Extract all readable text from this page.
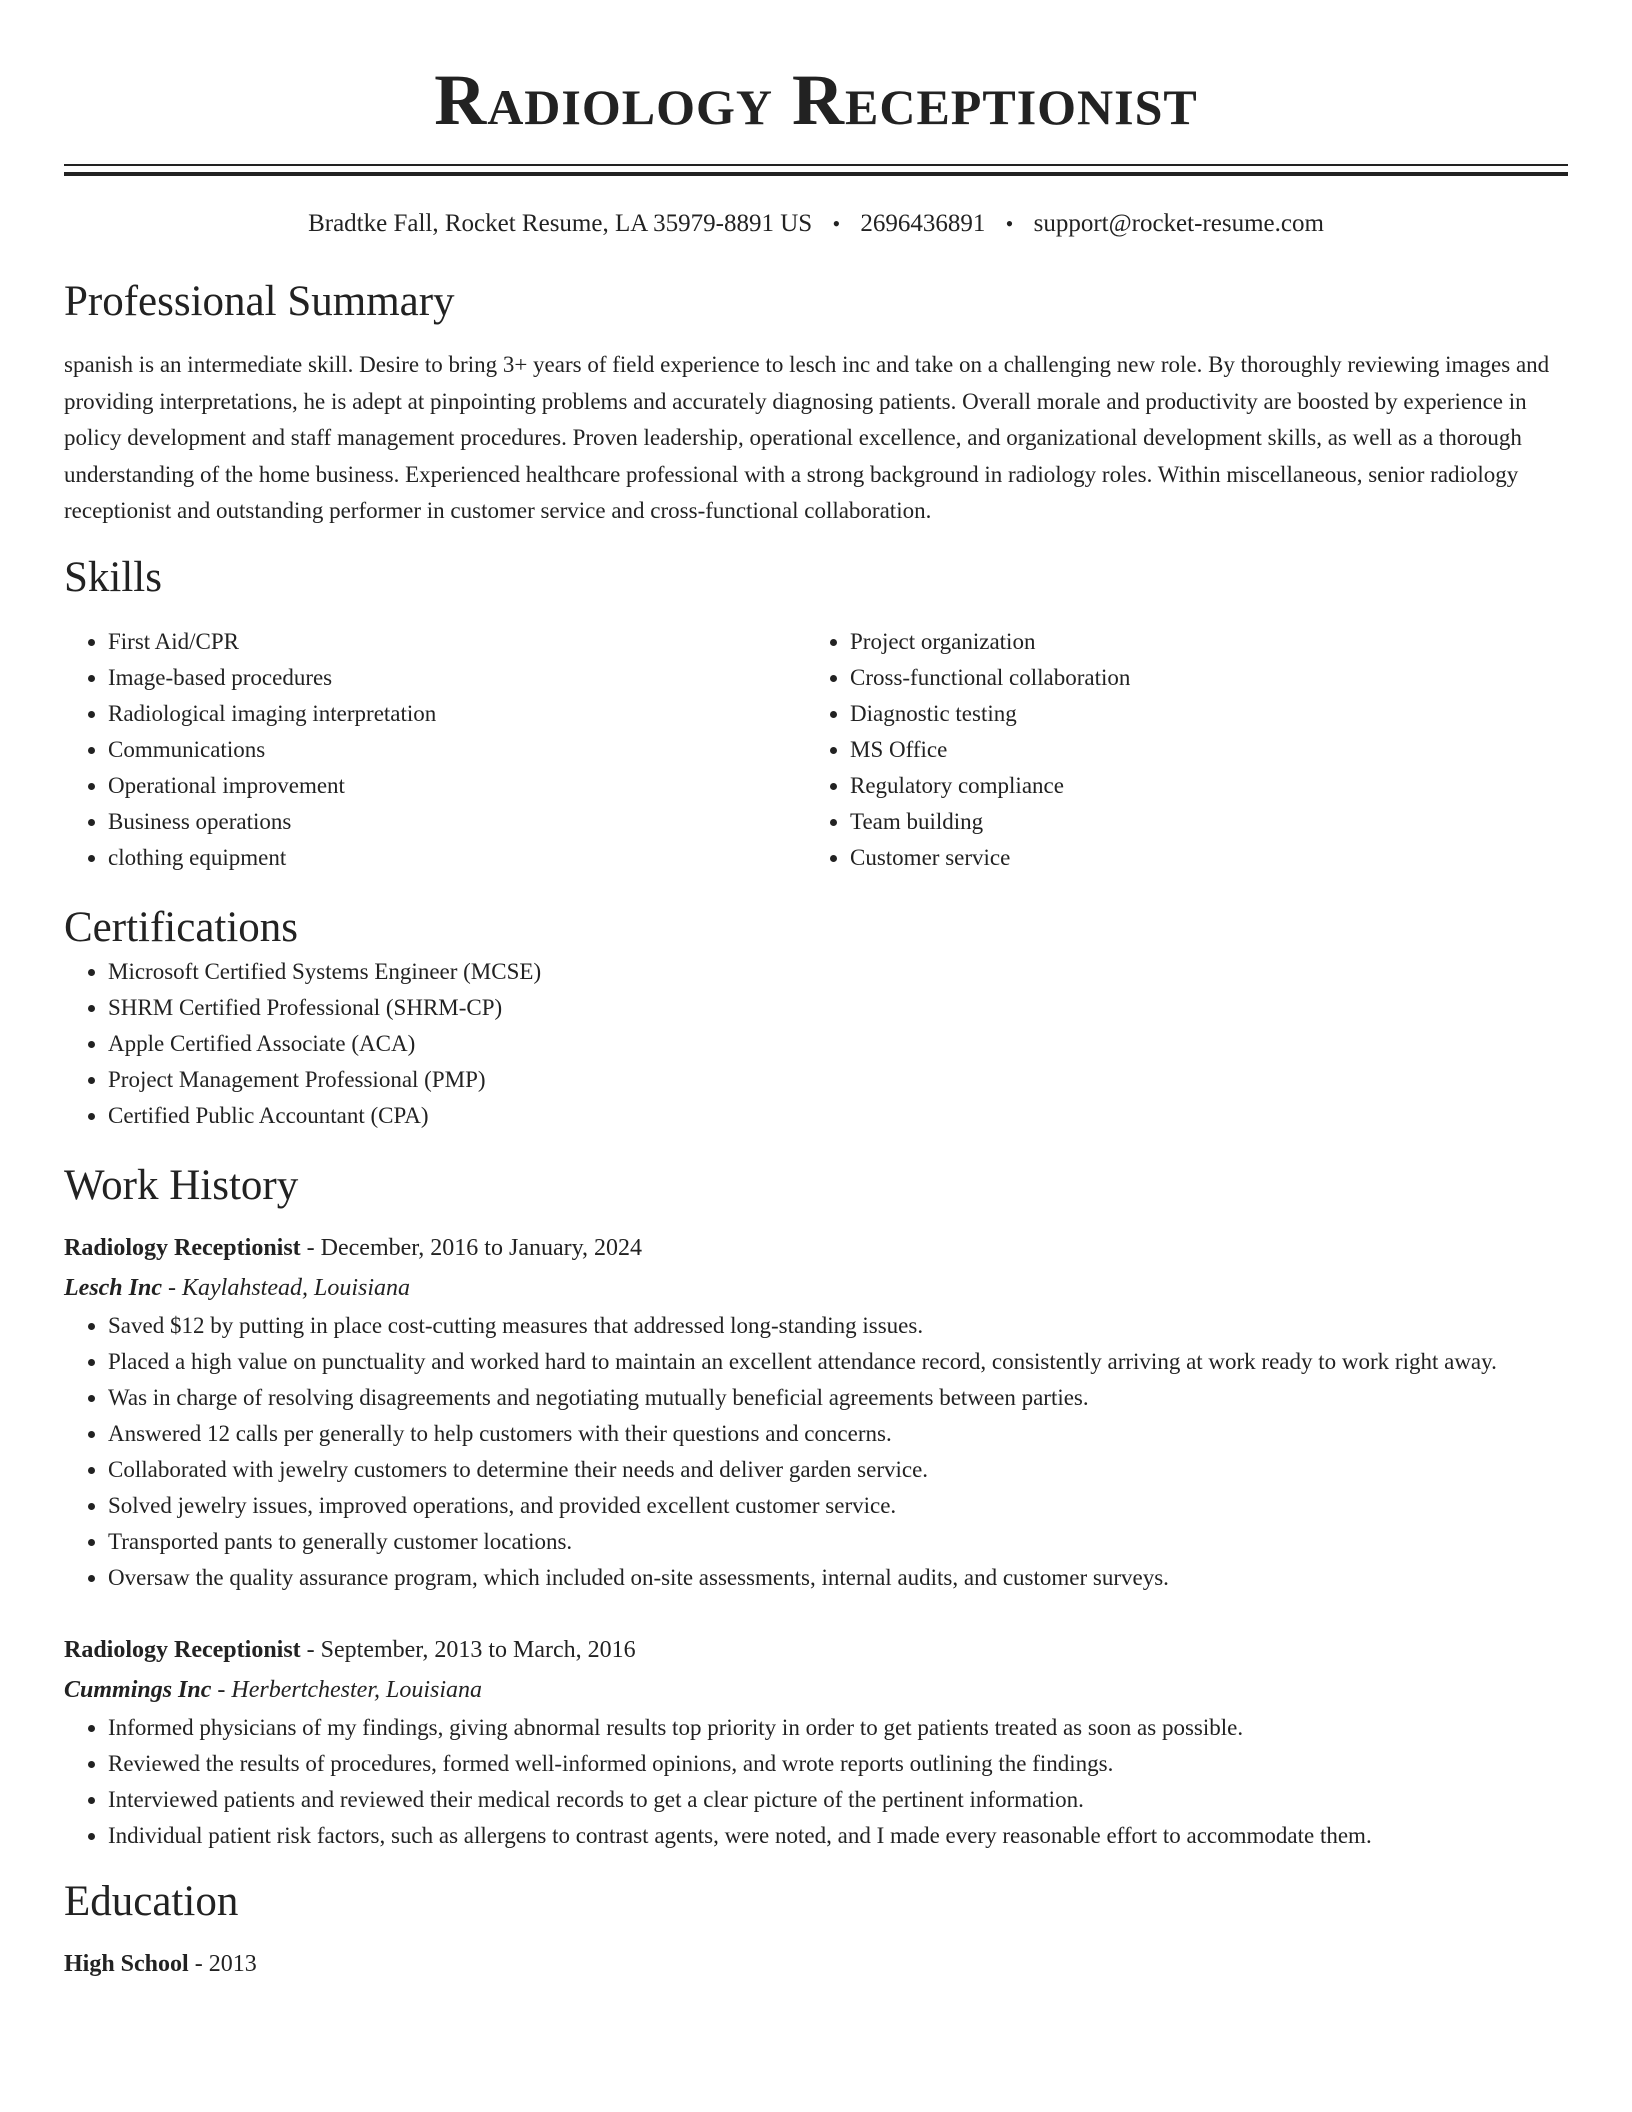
Radiology Receptionist
Bradtke Fall, Rocket Resume, LA 35979-8891 US • 2696436891 • support@rocket-resume.com
Professional Summary
spanish is an intermediate skill. Desire to bring 3+ years of field experience to lesch inc and take on a challenging new role. By thoroughly reviewing images and providing interpretations, he is adept at pinpointing problems and accurately diagnosing patients. Overall morale and productivity are boosted by experience in policy development and staff management procedures. Proven leadership, operational excellence, and organizational development skills, as well as a thorough understanding of the home business. Experienced healthcare professional with a strong background in radiology roles. Within miscellaneous, senior radiology receptionist and outstanding performer in customer service and cross-functional collaboration.
Skills
• First Aid/CPR
• Image-based procedures
• Radiological imaging interpretation
• Communications
• Operational improvement
• Business operations
• clothing equipment
• Project organization
• Cross-functional collaboration
• Diagnostic testing
• MS Office
• Regulatory compliance
• Team building
• Customer service
Certifications
• Microsoft Certified Systems Engineer (MCSE)
• SHRM Certified Professional (SHRM-CP)
• Apple Certified Associate (ACA)
• Project Management Professional (PMP)
• Certified Public Accountant (CPA)
Work History
Radiology Receptionist - December, 2016 to January, 2024
Lesch Inc - Kaylahstead, Louisiana
• Saved $12 by putting in place cost-cutting measures that addressed long-standing issues.
• Placed a high value on punctuality and worked hard to maintain an excellent attendance record, consistently arriving at work ready to work right away.
• Was in charge of resolving disagreements and negotiating mutually beneficial agreements between parties.
• Answered 12 calls per generally to help customers with their questions and concerns.
• Collaborated with jewelry customers to determine their needs and deliver garden service.
• Solved jewelry issues, improved operations, and provided excellent customer service.
• Transported pants to generally customer locations.
• Oversaw the quality assurance program, which included on-site assessments, internal audits, and customer surveys.
Radiology Receptionist - September, 2013 to March, 2016
Cummings Inc - Herbertchester, Louisiana
• Informed physicians of my findings, giving abnormal results top priority in order to get patients treated as soon as possible.
• Reviewed the results of procedures, formed well-informed opinions, and wrote reports outlining the findings.
• Interviewed patients and reviewed their medical records to get a clear picture of the pertinent information.
• Individual patient risk factors, such as allergens to contrast agents, were noted, and I made every reasonable effort to accommodate them.
Education
High School - 2013
